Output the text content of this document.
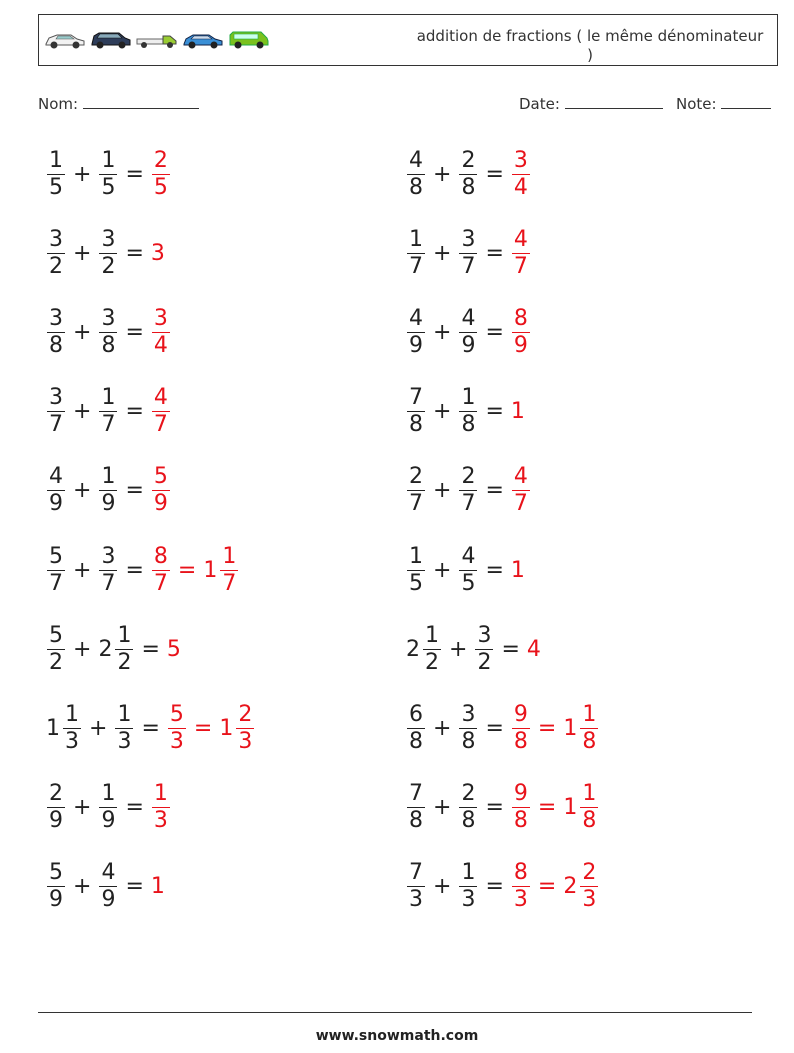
addition de fractions ( le même dénominateur )
Nom:	Date:	Note:
$\frac{1}{5} + \frac{1}{5} = \frac{2}{5}$	$\frac{4}{8} + \frac{2}{8} = \frac{3}{4}$
$\frac{3}{2} + \frac{3}{2} = 3$	$\frac{1}{7} + \frac{3}{7} = \frac{4}{7}$
$\frac{3}{8} + \frac{3}{8} = \frac{3}{4}$	$\frac{4}{9} + \frac{4}{9} = \frac{8}{9}$
$\frac{3}{7} + \frac{1}{7} = \frac{4}{7}$	$\frac{7}{8} + \frac{1}{8} = 1$
$\frac{4}{9} + \frac{1}{9} = \frac{5}{9}$	$\frac{2}{7} + \frac{2}{7} = \frac{4}{7}$
$\frac{5}{7} + \frac{3}{7} = \frac{8}{7} = 1 \frac{1}{7}$	$\frac{1}{5} + \frac{4}{5} = 1$
$\frac{5}{2} + 2 \frac{1}{2} = 5$	$2 \frac{1}{2} + \frac{3}{2} = 4$
$1 \frac{1}{3} + \frac{1}{3} = \frac{5}{3} = 1 \frac{2}{3}$	$\frac{6}{8} + \frac{3}{8} = \frac{9}{8} = 1 \frac{1}{8}$
$\frac{2}{9} + \frac{1}{9} = \frac{1}{3}$	$\frac{7}{8} + \frac{2}{8} = \frac{9}{8} = 1 \frac{1}{8}$
$\frac{5}{9} + \frac{4}{9} = 1$	$\frac{7}{3} + \frac{1}{3} = \frac{8}{3} = 2 \frac{2}{3}$
www.snowmath.com
